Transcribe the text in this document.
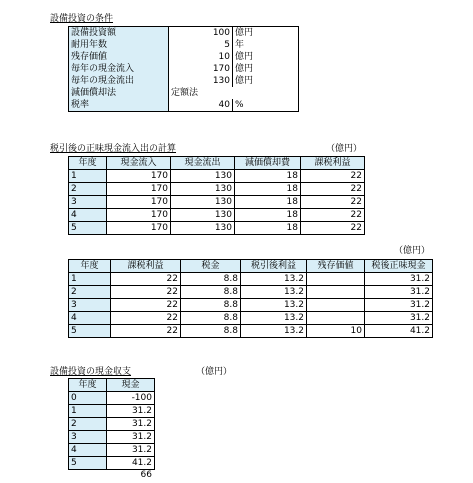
設備投資の条件
設備投資額	100	億円
耐用年数	5	年
残存価値	10	億円
毎年の現金流入	170	億円
毎年の現金流出	130	億円
減価償却法	定額法	
税率	40	%
税引後の正味現金流入出の計算	（億円）
年度	現金流入	現金流出	減価償却費	課税利益
1	170	130	18	22
2	170	130	18	22
3	170	130	18	22
4	170	130	18	22
5	170	130	18	22
（億円）
年度	課税利益	税金	税引後利益	残存価値	税後正味現金
1	22	8.8	13.2		31.2
2	22	8.8	13.2		31.2
3	22	8.8	13.2		31.2
4	22	8.8	13.2		31.2
5	22	8.8	13.2	10	41.2
設備投資の現金収支	（億円）
年度	現金
0	-100
1	31.2
2	31.2
3	31.2
4	31.2
5	41.2
66
